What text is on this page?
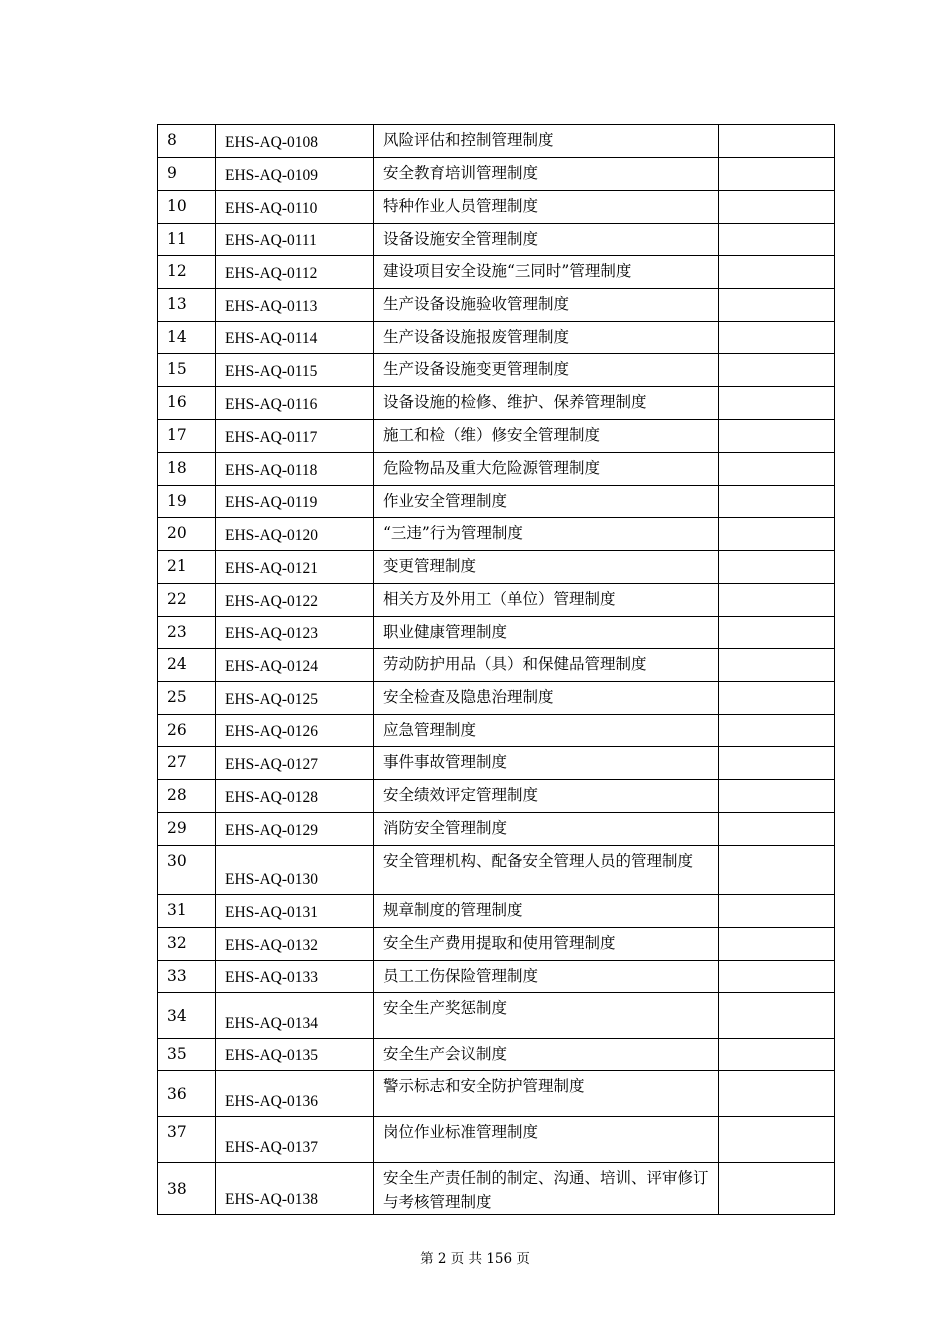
8	EHS-AQ-0108	风险评估和控制管理制度	
9	EHS-AQ-0109	安全教育培训管理制度	
10	EHS-AQ-0110	特种作业人员管理制度	
11	EHS-AQ-0111	设备设施安全管理制度	
12	EHS-AQ-0112	建设项目安全设施“三同时”管理制度	
13	EHS-AQ-0113	生产设备设施验收管理制度	
14	EHS-AQ-0114	生产设备设施报废管理制度	
15	EHS-AQ-0115	生产设备设施变更管理制度	
16	EHS-AQ-0116	设备设施的检修、维护、保养管理制度	
17	EHS-AQ-0117	施工和检（维）修安全管理制度	
18	EHS-AQ-0118	危险物品及重大危险源管理制度	
19	EHS-AQ-0119	作业安全管理制度	
20	EHS-AQ-0120	“三违”行为管理制度	
21	EHS-AQ-0121	变更管理制度	
22	EHS-AQ-0122	相关方及外用工（单位）管理制度	
23	EHS-AQ-0123	职业健康管理制度	
24	EHS-AQ-0124	劳动防护用品（具）和保健品管理制度	
25	EHS-AQ-0125	安全检查及隐患治理制度	
26	EHS-AQ-0126	应急管理制度	
27	EHS-AQ-0127	事件事故管理制度	
28	EHS-AQ-0128	安全绩效评定管理制度	
29	EHS-AQ-0129	消防安全管理制度	
30	EHS-AQ-0130	安全管理机构、配备安全管理人员的管理制度	
31	EHS-AQ-0131	规章制度的管理制度	
32	EHS-AQ-0132	安全生产费用提取和使用管理制度	
33	EHS-AQ-0133	员工工伤保险管理制度	
34	EHS-AQ-0134	安全生产奖惩制度	
35	EHS-AQ-0135	安全生产会议制度	
36	EHS-AQ-0136	警示标志和安全防护管理制度	
37	EHS-AQ-0137	岗位作业标准管理制度	
38	EHS-AQ-0138	安全生产责任制的制定、沟通、培训、评审修订与考核管理制度	
第 2 页 共 156 页
